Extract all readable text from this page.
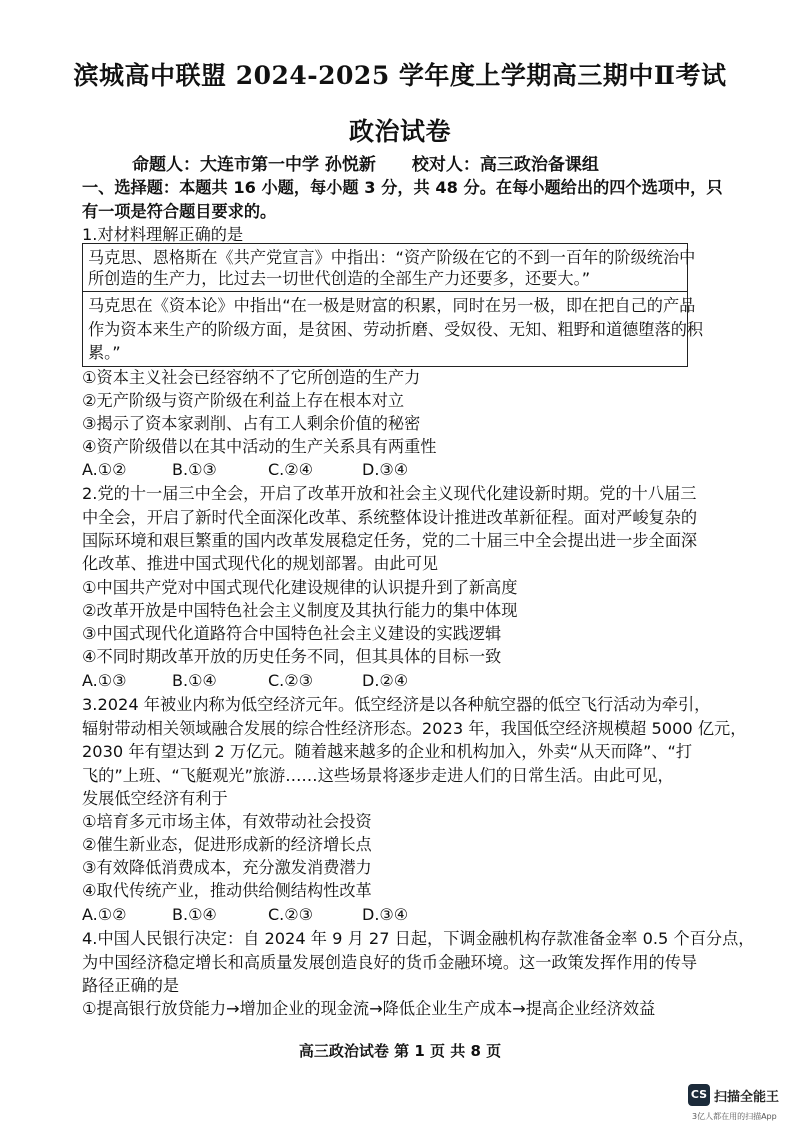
滨城高中联盟 2024-2025 学年度上学期高三期中Ⅱ考试
政治试卷
命题人：大连市第一中学 孙悦新 校对人：高三政治备课组
一、选择题：本题共 16 小题，每小题 3 分，共 48 分。在每小题给出的四个选项中，只
有一项是符合题目要求的。
1.对材料理解正确的是
马克思、恩格斯在《共产党宣言》中指出：“资产阶级在它的不到一百年的阶级统治中
所创造的生产力，比过去一切世代创造的全部生产力还要多，还要大。”
马克思在《资本论》中指出“在一极是财富的积累，同时在另一极，即在把自己的产品
作为资本来生产的阶级方面，是贫困、劳动折磨、受奴役、无知、粗野和道德堕落的积
累。”
①资本主义社会已经容纳不了它所创造的生产力
②无产阶级与资产阶级在利益上存在根本对立
③揭示了资本家剥削、占有工人剩余价值的秘密
④资产阶级借以在其中活动的生产关系具有两重性
A.①②	B.①③	C.②④	D.③④
2.党的十一届三中全会，开启了改革开放和社会主义现代化建设新时期。党的十八届三
中全会，开启了新时代全面深化改革、系统整体设计推进改革新征程。面对严峻复杂的
国际环境和艰巨繁重的国内改革发展稳定任务，党的二十届三中全会提出进一步全面深
化改革、推进中国式现代化的规划部署。由此可见
①中国共产党对中国式现代化建设规律的认识提升到了新高度
②改革开放是中国特色社会主义制度及其执行能力的集中体现
③中国式现代化道路符合中国特色社会主义建设的实践逻辑
④不同时期改革开放的历史任务不同，但其具体的目标一致
A.①③	B.①④	C.②③	D.②④
3.2024 年被业内称为低空经济元年。低空经济是以各种航空器的低空飞行活动为牵引，
辐射带动相关领域融合发展的综合性经济形态。2023 年，我国低空经济规模超 5000 亿元，
2030 年有望达到 2 万亿元。随着越来越多的企业和机构加入，外卖“从天而降”、“打
飞的”上班、“飞艇观光”旅游……这些场景将逐步走进人们的日常生活。由此可见，
发展低空经济有利于
①培育多元市场主体，有效带动社会投资
②催生新业态，促进形成新的经济增长点
③有效降低消费成本，充分激发消费潜力
④取代传统产业，推动供给侧结构性改革
A.①②	B.①④	C.②③	D.③④
4.中国人民银行决定：自 2024 年 9 月 27 日起，下调金融机构存款准备金率 0.5 个百分点，
为中国经济稳定增长和高质量发展创造良好的货币金融环境。这一政策发挥作用的传导
路径正确的是
①提高银行放贷能力→增加企业的现金流→降低企业生产成本→提高企业经济效益
高三政治试卷 第 1 页 共 8 页
CS 扫描全能王
3亿人都在用的扫描App
